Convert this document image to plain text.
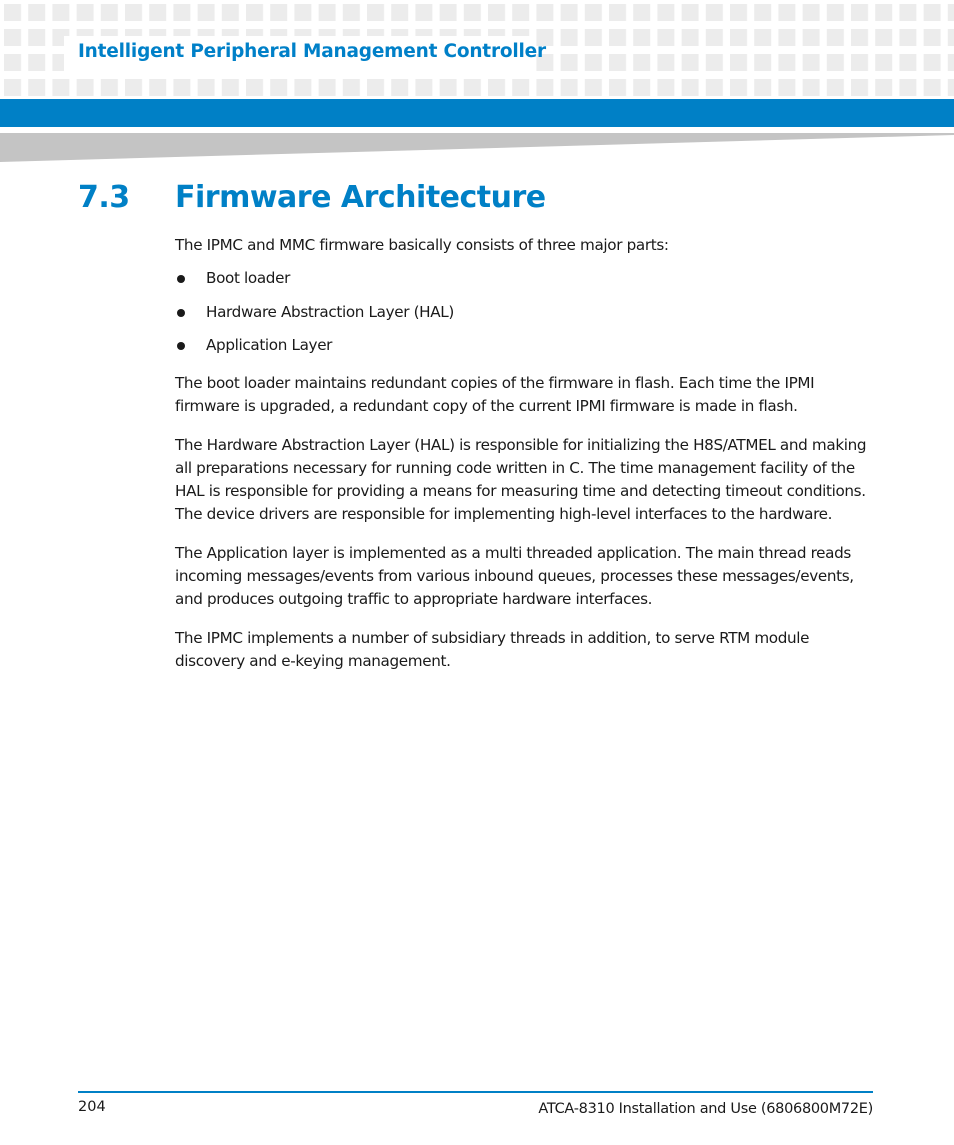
Intelligent Peripheral Management Controller
7.3 Firmware Architecture

The IPMC and MMC firmware basically consists of three major parts:

Boot loader
Hardware Abstraction Layer (HAL)
Application Layer

The boot loader maintains redundant copies of the firmware in flash. Each time the IPMI firmware is upgraded, a redundant copy of the current IPMI firmware is made in flash.

The Hardware Abstraction Layer (HAL) is responsible for initializing the H8S/ATMEL and making all preparations necessary for running code written in C. The time management facility of the HAL is responsible for providing a means for measuring time and detecting timeout conditions. The device drivers are responsible for implementing high-level interfaces to the hardware.

The Application layer is implemented as a multi threaded application. The main thread reads incoming messages/events from various inbound queues, processes these messages/events, and produces outgoing traffic to appropriate hardware interfaces.

The IPMC implements a number of subsidiary threads in addition, to serve RTM module discovery and e-keying management.

204	ATCA-8310 Installation and Use (6806800M72E)
